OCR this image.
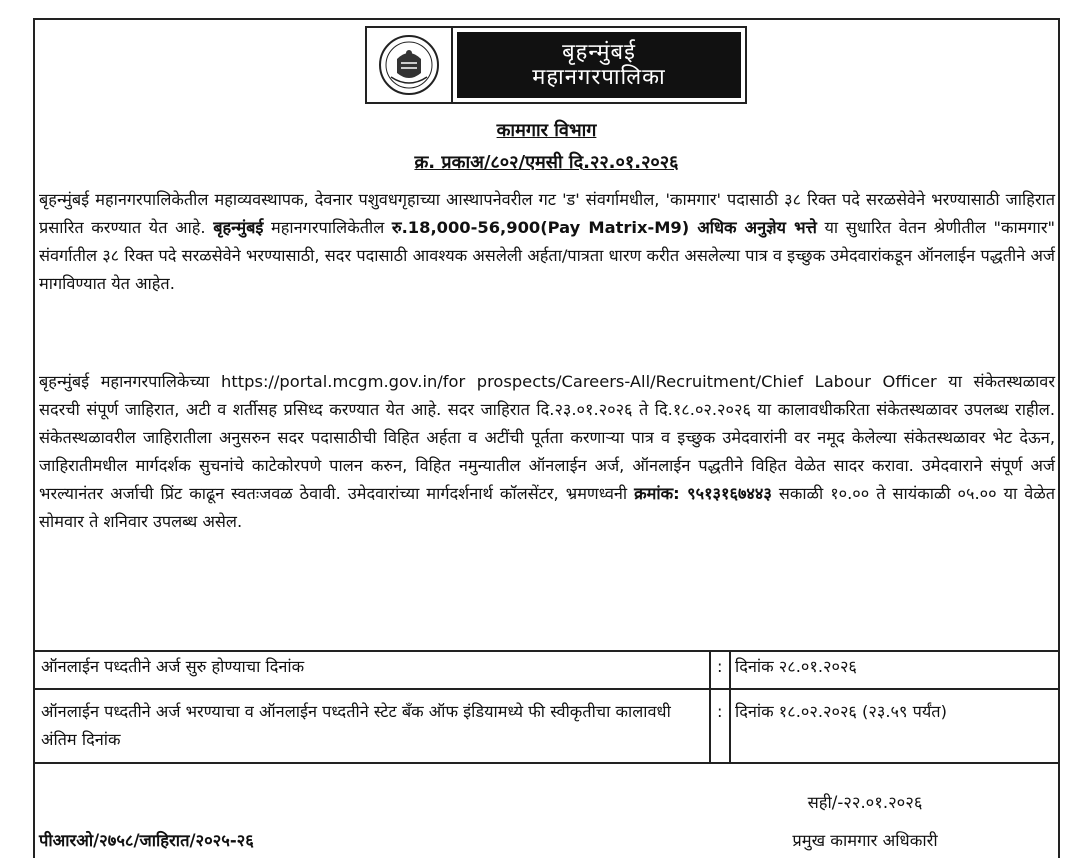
बृहन्मुंबई
महानगरपालिका
कामगार विभाग
क्र. प्रकाअ/८०२/एमसी दि.२२.०१.२०२६

बृहन्मुंबई महानगरपालिकेतील महाव्यवस्थापक, देवनार पशुवधगृहाच्या आस्थापनेवरील गट 'ड' संवर्गामधील, 'कामगार' पदासाठी ३८ रिक्त पदे सरळसेवेने भरण्यासाठी जाहिरात प्रसारित करण्यात येत आहे. बृहन्मुंबई महानगरपालिकेतील रु.18,000-56,900(Pay Matrix-M9) अधिक अनुज्ञेय भत्ते या सुधारित वेतन श्रेणीतील "कामगार" संवर्गातील ३८ रिक्त पदे सरळसेवेने भरण्यासाठी, सदर पदासाठी आवश्यक असलेली अर्हता/पात्रता धारण करीत असलेल्या पात्र व इच्छुक उमेदवारांकडून ऑनलाईन पद्धतीने अर्ज मागविण्यात येत आहेत.

बृहन्मुंबई महानगरपालिकेच्या https://portal.mcgm.gov.in/for prospects/Careers-All/Recruitment/Chief Labour Officer या संकेतस्थळावर सदरची संपूर्ण जाहिरात, अटी व शर्तीसह प्रसिध्द करण्यात येत आहे. सदर जाहिरात दि.२३.०१.२०२६ ते दि.१८.०२.२०२६ या कालावधीकरिता संकेतस्थळावर उपलब्ध राहील. संकेतस्थळावरील जाहिरातीला अनुसरुन सदर पदासाठीची विहित अर्हता व अटींची पूर्तता करणाऱ्या पात्र व इच्छुक उमेदवारांनी वर नमूद केलेल्या संकेतस्थळावर भेट देऊन, जाहिरातीमधील मार्गदर्शक सुचनांचे काटेकोरपणे पालन करुन, विहित नमुन्यातील ऑनलाईन अर्ज, ऑनलाईन पद्धतीने विहित वेळेत सादर करावा. उमेदवाराने संपूर्ण अर्ज भरल्यानंतर अर्जाची प्रिंट काढून स्वतःजवळ ठेवावी. उमेदवारांच्या मार्गदर्शनार्थ कॉलसेंटर, भ्रमणध्वनी क्रमांक: ९५१३१६७४४३ सकाळी १०.०० ते सायंकाळी ०५.०० या वेळेत सोमवार ते शनिवार उपलब्ध असेल.

ऑनलाईन पध्दतीने अर्ज सुरु होण्याचा दिनांक	: दिनांक २८.०१.२०२६
ऑनलाईन पध्दतीने अर्ज भरण्याचा व ऑनलाईन पध्दतीने स्टेट बँक ऑफ इंडियामध्ये फी स्वीकृतीचा कालावधी अंतिम दिनांक
: दिनांक १८.०२.२०२६ (२३.५९ पर्यंत)
पीआरओ/२७५८/जाहिरात/२०२५-२६
सही/-२२.०१.२०२६
प्रमुख कामगार अधिकारी
